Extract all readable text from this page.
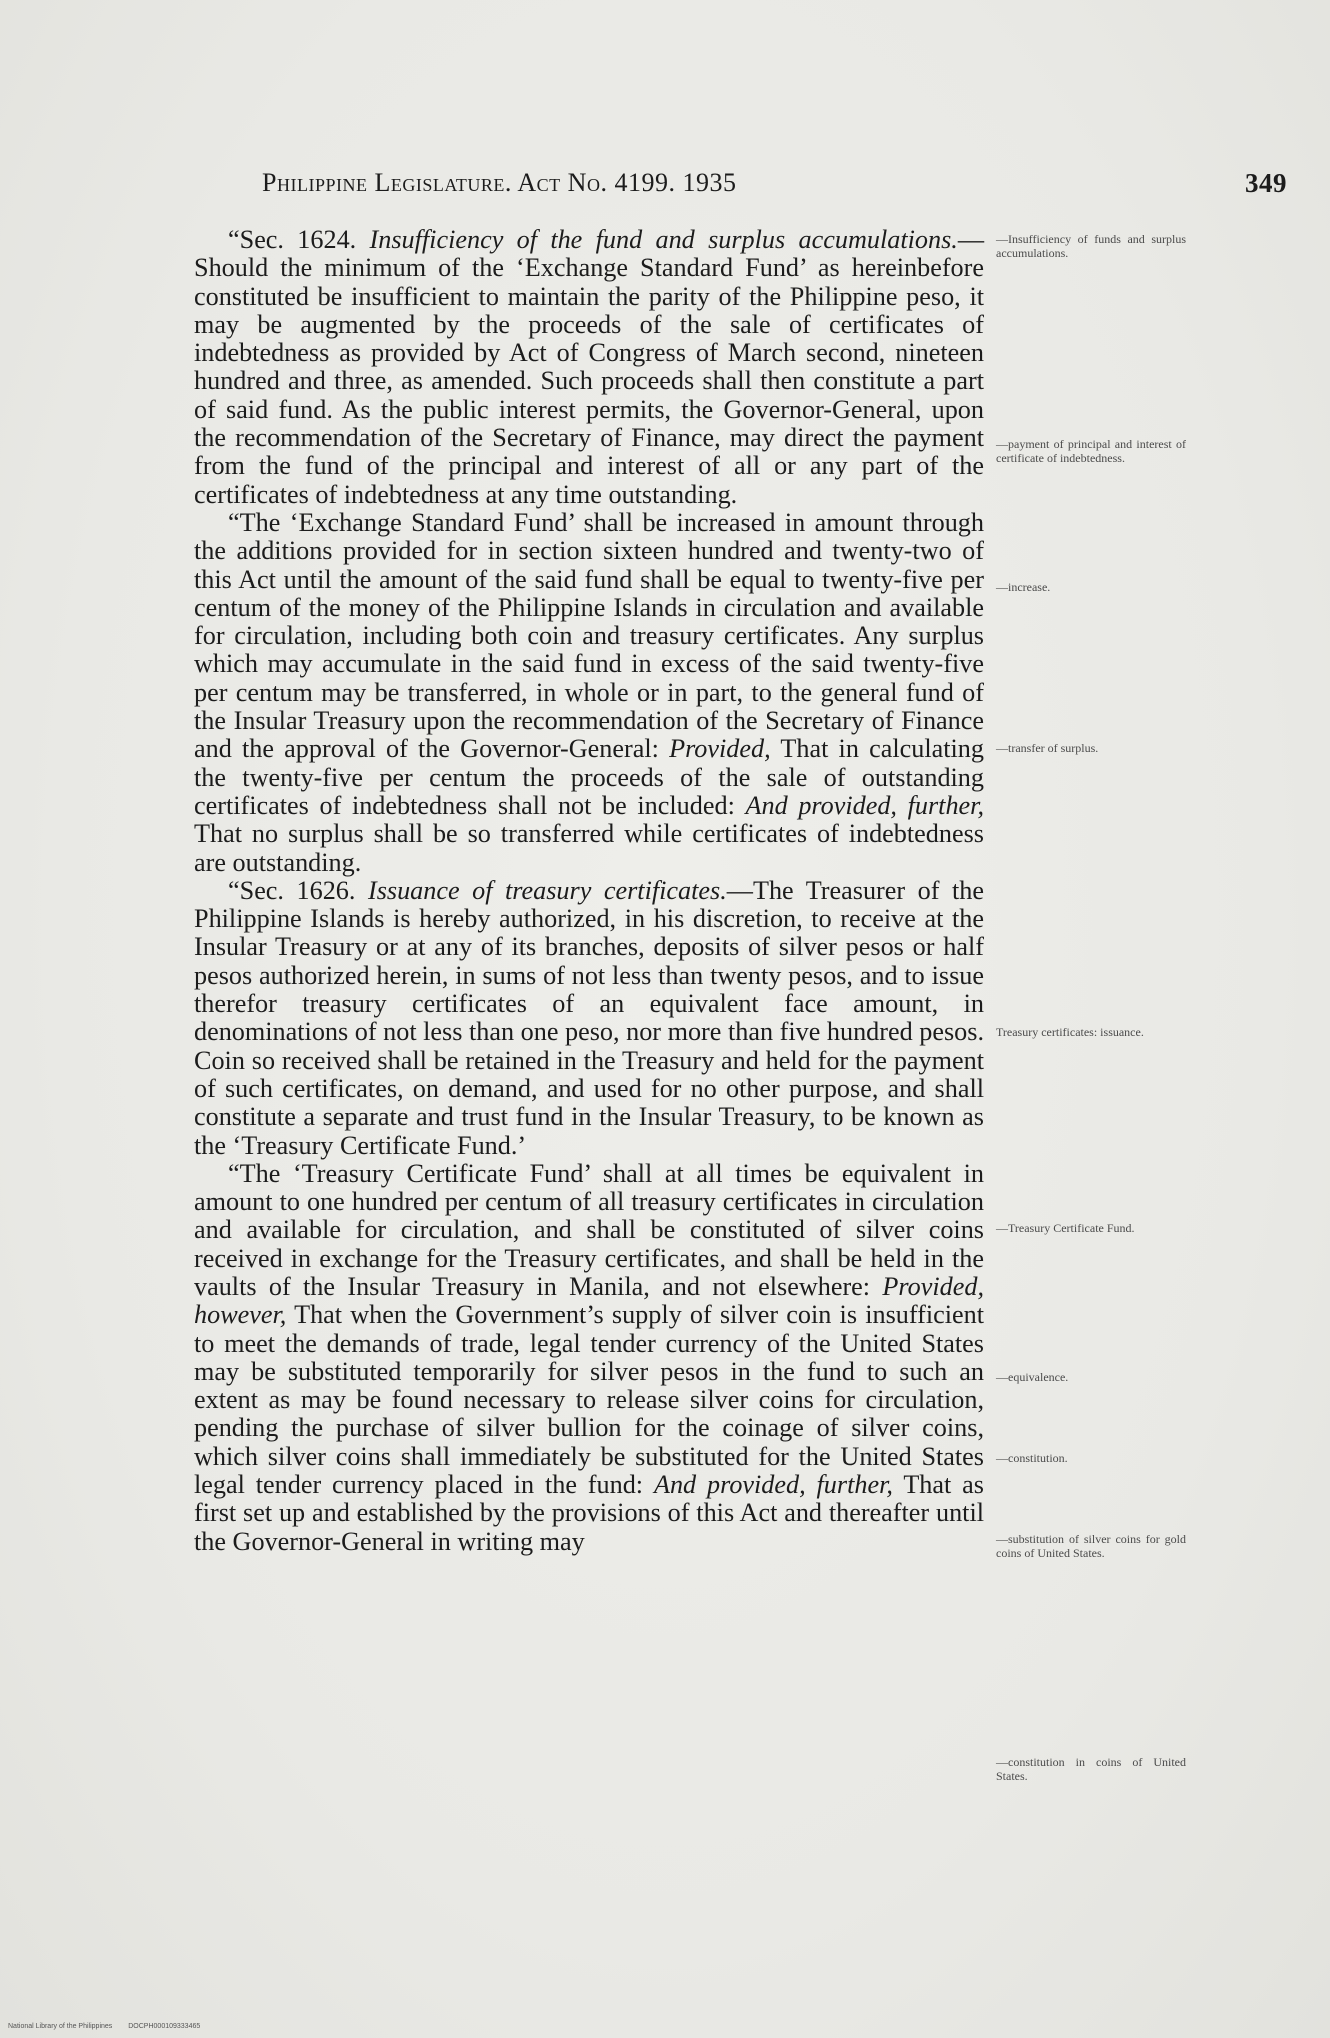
Philippine Legislature. Act No. 4199. 1935	349

“Sec. 1624. Insufficiency of the fund and surplus accumulations.—Should the minimum of the ‘Exchange Standard Fund’ as hereinbefore constituted be insufficient to maintain the parity of the Philippine peso, it may be augmented by the proceeds of the sale of certificates of indebtedness as provided by Act of Congress of March second, nineteen hundred and three, as amended. Such proceeds shall then constitute a part of said fund. As the public interest permits, the Governor-General, upon the recommendation of the Secretary of Finance, may direct the payment from the fund of the principal and interest of all or any part of the certificates of indebtedness at any time outstanding.

“The ‘Exchange Standard Fund’ shall be increased in amount through the additions provided for in section sixteen hundred and twenty-two of this Act until the amount of the said fund shall be equal to twenty-five per centum of the money of the Philippine Islands in circulation and available for circulation, including both coin and treasury certificates. Any surplus which may accumulate in the said fund in excess of the said twenty-five per centum may be transferred, in whole or in part, to the general fund of the Insular Treasury upon the recommendation of the Secretary of Finance and the approval of the Governor-General: Provided, That in calculating the twenty-five per centum the proceeds of the sale of outstanding certificates of indebtedness shall not be included: And provided, further, That no surplus shall be so transferred while certificates of indebtedness are outstanding.

“Sec. 1626. Issuance of treasury certificates.—The Treasurer of the Philippine Islands is hereby authorized, in his discretion, to receive at the Insular Treasury or at any of its branches, deposits of silver pesos or half pesos authorized herein, in sums of not less than twenty pesos, and to issue therefor treasury certificates of an equivalent face amount, in denominations of not less than one peso, nor more than five hundred pesos. Coin so received shall be retained in the Treasury and held for the payment of such certificates, on demand, and used for no other purpose, and shall constitute a separate and trust fund in the Insular Treasury, to be known as the ‘Treasury Certificate Fund.’

“The ‘Treasury Certificate Fund’ shall at all times be equivalent in amount to one hundred per centum of all treasury certificates in circulation and available for circulation, and shall be constituted of silver coins received in exchange for the Treasury certificates, and shall be held in the vaults of the Insular Treasury in Manila, and not elsewhere: Provided, however, That when the Government’s supply of silver coin is insufficient to meet the demands of trade, legal tender currency of the United States may be substituted temporarily for silver pesos in the fund to such an extent as may be found necessary to release silver coins for circulation, pending the purchase of silver bullion for the coinage of silver coins, which silver coins shall immediately be substituted for the United States legal tender currency placed in the fund: And provided, further, That as first set up and established by the provisions of this Act and thereafter until the Governor-General in writing may

—Insufficiency of funds and surplus accumulations.
—payment of principal and interest of certificate of indebtedness.
—increase.
—transfer of surplus.
Treasury certificates: issuance.
—Treasury Certificate Fund.
—equivalence.
—constitution.
—substitution of silver coins for gold coins of United States.
—constitution in coins of United States.
National Library of the Philippines DOCPH000109333465
